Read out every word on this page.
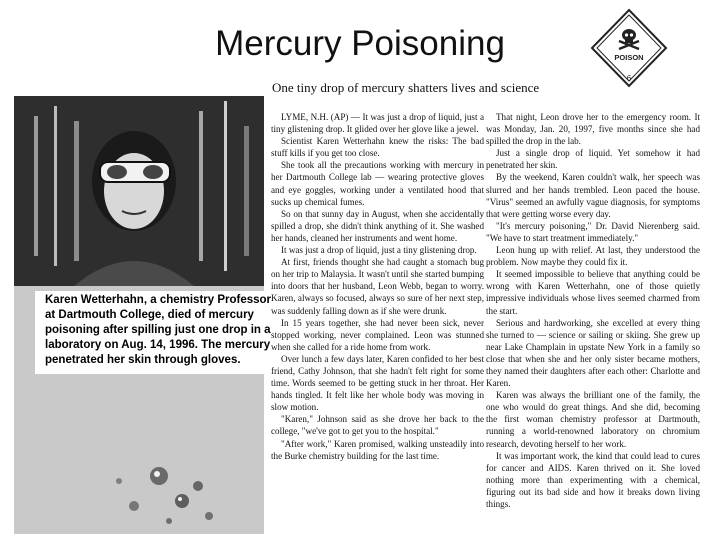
Mercury Poisoning	POISON
6
One tiny drop of mercury shatters lives and science
Karen Wetterhahn, a chemistry Professor at Dartmouth College, died of mercury poisoning after spilling just one drop in a laboratory on Aug. 14, 1996. The mercury penetrated her skin through gloves.

LYME, N.H. (AP) — It was just a drop of liquid, just a tiny glistening drop. It glided over her glove like a jewel.

Scientist Karen Wetterhahn knew the risks: The bad stuff kills if you get too close.

She took all the precautions working with mercury in her Dartmouth College lab — wearing protective gloves and eye goggles, working under a ventilated hood that sucks up chemical fumes.

So on that sunny day in August, when she accidentally spilled a drop, she didn't think anything of it. She washed her hands, cleaned her instruments and went home.

It was just a drop of liquid, just a tiny glistening drop.

At first, friends thought she had caught a stomach bug on her trip to Malaysia. It wasn't until she started bumping into doors that her husband, Leon Webb, began to worry. Karen, always so focused, always so sure of her next step, was suddenly falling down as if she were drunk.

In 15 years together, she had never been sick, never stopped working, never complained. Leon was stunned when she called for a ride home from work.

Over lunch a few days later, Karen confided to her best friend, Cathy Johnson, that she hadn't felt right for some time. Words seemed to be getting stuck in her throat. Her hands tingled. It felt like her whole body was moving in slow motion.

"Karen," Johnson said as she drove her back to the college, "we've got to get you to the hospital."

"After work," Karen promised, walking unsteadily into the Burke chemistry building for the last time.

That night, Leon drove her to the emergency room. It was Monday, Jan. 20, 1997, five months since she had spilled the drop in the lab.

Just a single drop of liquid. Yet somehow it had penetrated her skin.

By the weekend, Karen couldn't walk, her speech was slurred and her hands trembled. Leon paced the house. "Virus" seemed an awfully vague diagnosis, for symptoms that were getting worse every day.

"It's mercury poisoning," Dr. David Nierenberg said. "We have to start treatment immediately."

Leon hung up with relief. At last, they understood the problem. Now maybe they could fix it.

It seemed impossible to believe that anything could be wrong with Karen Wetterhahn, one of those quietly impressive individuals whose lives seemed charmed from the start.

Serious and hardworking, she excelled at every thing she turned to — science or sailing or skiing. She grew up near Lake Champlain in upstate New York in a family so close that when she and her only sister became mothers, they named their daughters after each other: Charlotte and Karen.

Karen was always the brilliant one of the family, the one who would do great things. And she did, becoming the first woman chemistry professor at Dartmouth, running a world-renowned laboratory on chromium research, devoting herself to her work.

It was important work, the kind that could lead to cures for cancer and AIDS. Karen thrived on it. She loved nothing more than experimenting with a chemical, figuring out its bad side and how it breaks down living things.
